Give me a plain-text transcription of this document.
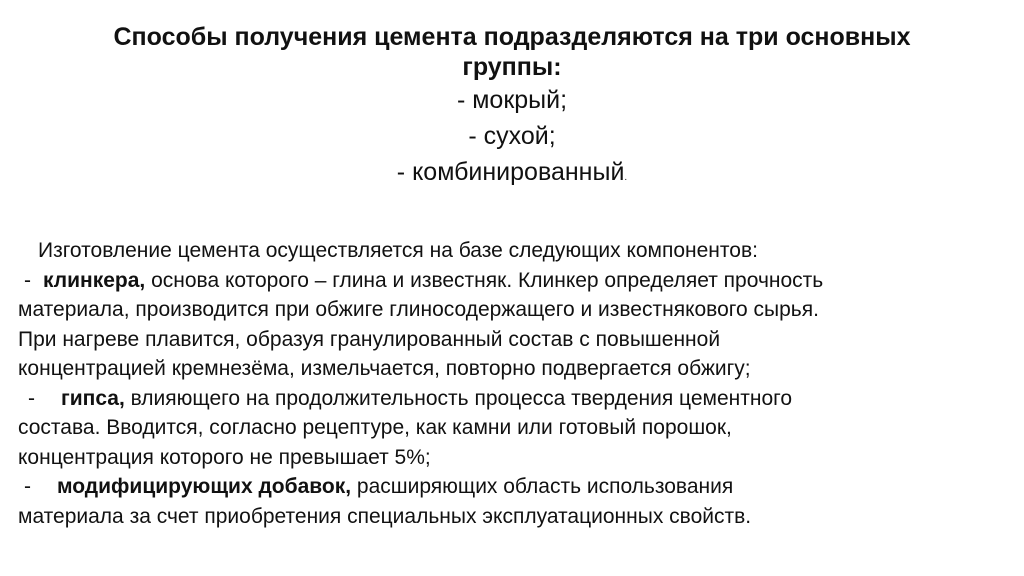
Способы получения цемента подразделяются на три основных
группы:

- мокрый;
- сухой;
- комбинированный.

Изготовление цемента осуществляется на базе следующих компонентов:

- клинкера, основа которого – глина и известняк. Клинкер определяет прочность
материала, производится при обжиге глиносодержащего и известнякового сырья.
При нагреве плавится, образуя гранулированный состав с повышенной
концентрацией кремнезёма, измельчается, повторно подвергается обжигу;

- гипса, влияющего на продолжительность процесса твердения цементного
состава. Вводится, согласно рецептуре, как камни или готовый порошок,
концентрация которого не превышает 5%;

- модифицирующих добавок, расширяющих область использования
материала за счет приобретения специальных эксплуатационных свойств.
